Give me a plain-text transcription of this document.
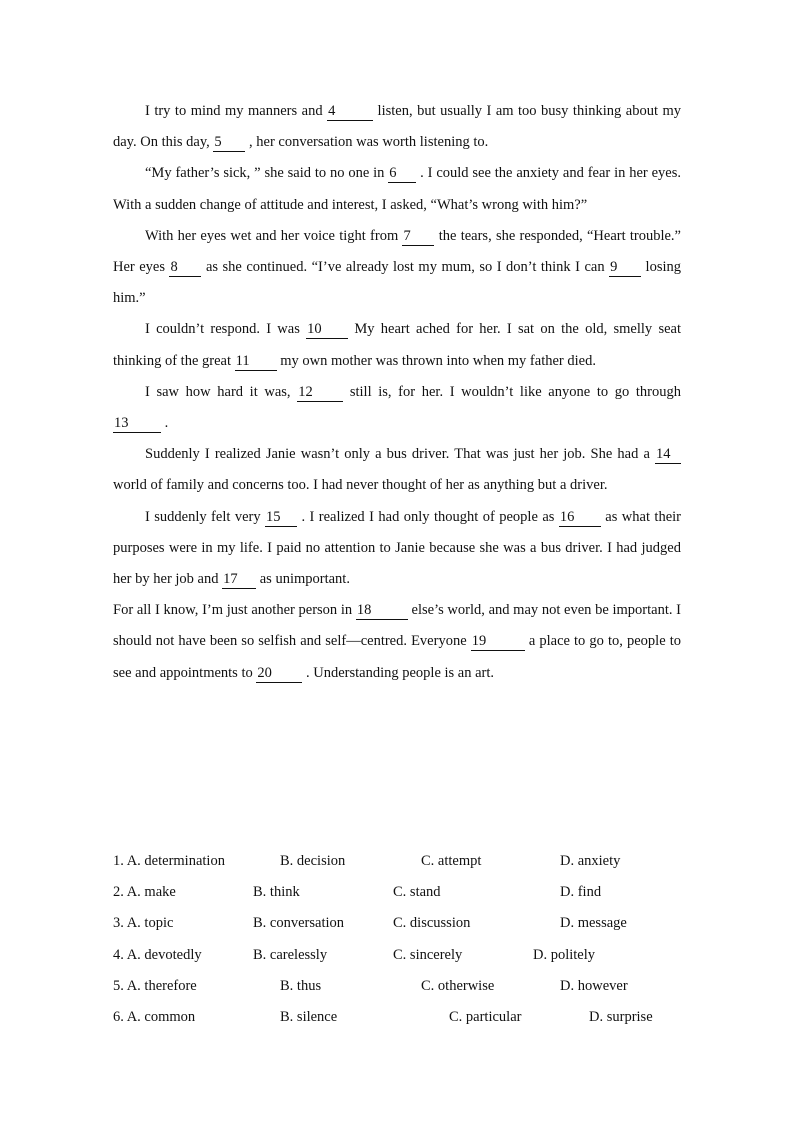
I try to mind my manners and 4	listen, but usually I am too busy thinking about my day. On this day, 5 , her conversation was worth listening to.

“My father’s sick, ” she said to no one in 6 . I could see the anxiety and fear in her eyes. With a sudden change of attitude and interest, I asked, “What’s wrong with him?”

With her eyes wet and her voice tight from 7 the tears, she responded, “Heart trouble.” Her eyes 8 as she continued. “I’ve already lost my mum, so I don’t think I can 9 losing him.”

I couldn’t respond. I was 10 My heart ached for her. I sat on the old, smelly seat thinking of the great 11 my own mother was thrown into when my father died.

I saw how hard it was, 12 still is, for her. I wouldn’t like anyone to go through 13 .

Suddenly I realized Janie wasn’t only a bus driver. That was just her job. She had a 14 world of family and concerns too. I had never thought of her as anything but a driver.

I suddenly felt very 15 . I realized I had only thought of people as 16 as what their purposes were in my life. I paid no attention to Janie because she was a bus driver. I had judged her by her job and 17 as unimportant.

For all I know, I’m just another person in 18	else’s world, and may not even be important. I should not have been so selfish and self—centred. Everyone 19	a place to go to, people to see and appointments to 20 . Understanding people is an art.

1. A. determination	B. decision	C. attempt	D. anxiety
2. A. make	B. think	C. stand	D. find
3. A. topic	B. conversation	C. discussion	D. message
4. A. devotedly	B. carelessly	C. sincerely	D. politely
5. A. therefore	B. thus	C. otherwise	D. however
6. A. common	B. silence	C. particular	D. surprise
